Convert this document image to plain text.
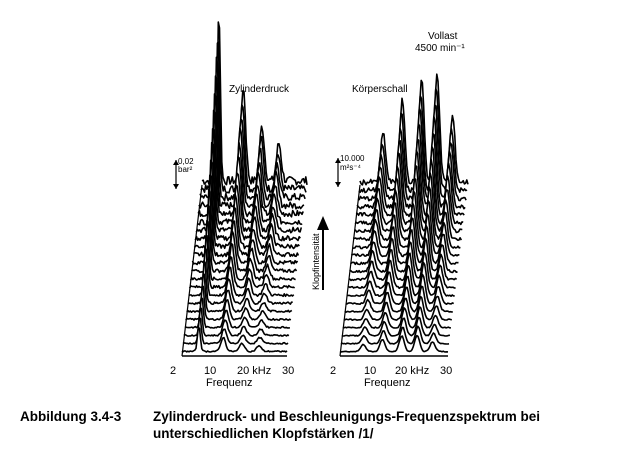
Zylinderdruck
0,02
bar²
2	10 20 kHz 30
Frequenz
Körperschall
10.000
m²s⁻⁴
2	10 20 kHz 30
Frequenz
Vollast
4500 min⁻¹
Klopfintensität
Abbildung 3.4-3 Zylinderdruck- und Beschleunigungs-Frequenzspektrum bei unterschiedlichen Klopfstärken /1/
